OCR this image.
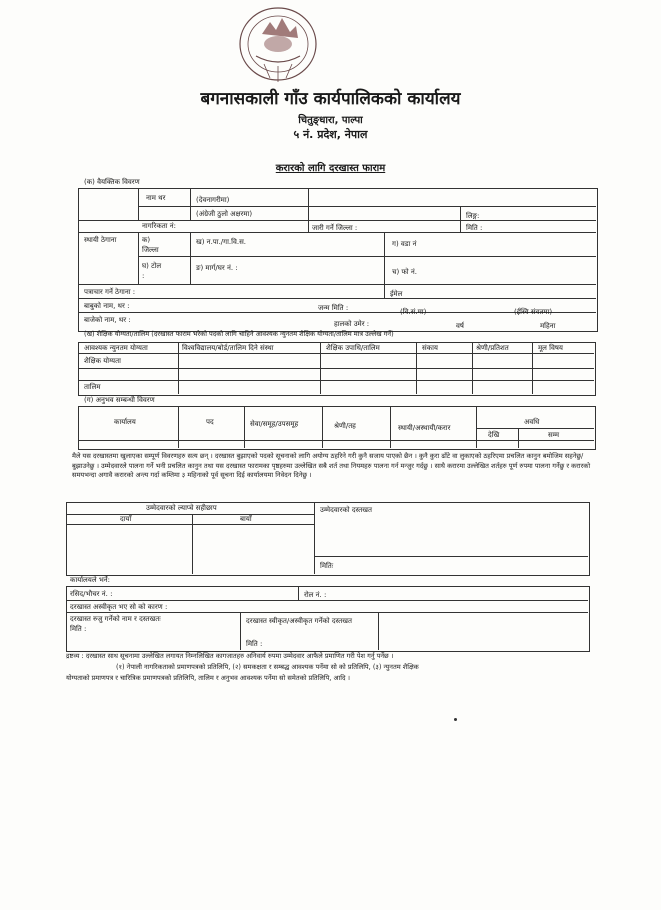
बगनासकाली गाँउ कार्यपालिकको कार्यालय
चितुङ्धारा, पाल्पा
५ नं. प्रदेश, नेपाल
करारको लागि दरखास्त फाराम
(क) वैयक्तिक विवरण
नाम थर	(देवनागरीमा)
(अंग्रेजी ठुलो अक्षरमा)	लिङ्ग:
नागरिकता नं:	जारी गर्ने जिल्ला :	मिति :
स्थायी ठेगाना	क)
जिल्ला
ख) न.पा./गा.वि.स.	ग) वडा नं
घ) टोल
:
ङ) मार्ग/घर नं. :	च) फो नं.
पत्राचार गर्ने ठेगाना :	ईमेल
बाबुको नाम, थर :	जन्म मिति :	(वि.सं.मा)	(ईस्वि संवतमा)
बाजेको नाम, थर :	हालको उमेर :	वर्ष	महिना
(ख) शैक्षिक योग्यता/तालिम (दरखास्त फाराम भरेको पदको लागि चाहिने आवश्यक न्युनतम शैक्षिक योग्यता/तालिम मात्र उल्लेख गर्ने)
आवश्यक न्युनतम योग्यता	विश्वविद्यालय/बोर्ड/तालिम दिने संस्था	शैक्षिक उपाधि/तालिम	संकाय	श्रेणी/प्रतिशत	मूल विषय
शैक्षिक योग्यता
तालिम
(ग) अनुभव सम्बन्धी विवरण
कार्यालय	पद	सेवा/समूह/उपसमूह	श्रेणी/तह	स्थायी/अस्थायी/करार
अवधि
देखि	सम्म
मैले यस दरखास्तमा खुलाएका सम्पूर्ण विवरणहरु सत्य छन् । दरखास्त बुझाएको पदको सूचनाको लागि अयोग्य ठहरिने गरी कुनै सजाय पाएको छैन । कुनै कुरा ढाँटे वा लुकाएको ठहरिएमा प्रचलित कानुन बमोजिम सहनेछु/बुझाउनेछु । उम्मेदवारले पालना गर्ने भनी प्रचलित कानुन तथा यस दरखास्त फारामका पृष्ठहरुमा उल्लेखित सबै शर्त तथा नियमहरु पालना गर्न मन्जुर गर्दछु । साथै करारमा उल्लेखित शर्तहरु पूर्ण रुपमा पालना गर्नेछु र करारको समयभन्दा अगावै करारको अन्त्य गर्दा कम्तिमा ३ महिनाको पूर्व सूचना दिई कार्यालयमा निवेदन दिनेछु ।
उम्मेदवारको ल्याप्चे सहीछाप
दायाँ	बायाँ
उम्मेदवारको दस्तखत
मितिः
कार्यालयले भर्ने:
रसिद/भौचर नं. :	रोल नं. :
दरखास्त अस्वीकृत भए सो को कारण :
दरखास्त रुजु गर्नेको नाम र दस्तखतः
मिति :
दरखास्त स्वीकृत/अस्वीकृत गर्नेको दस्तखत
मिति :
द्रष्टव्य : दरखास्त साथ सूचनामा उल्लेखित लगायत निम्नलिखित कागजातहरु अनिवार्य रुपमा उम्मेदवार आफैले प्रमाणित गरी पेश गर्नु पर्नेछ ।
(१) नेपाली नागरिकताको प्रमाणपत्रको प्रतिलिपि, (२) समकक्षता र सम्बद्ध आवश्यक पर्नेमा सो को प्रतिलिपि, (३) न्युनतम शैक्षिक
योग्यताको प्रमाणपत्र र चारित्रिक प्रमाणपत्रको प्रतिलिपि, तालिम र अनुभव आवश्यक पर्नेमा सो समेतको प्रतिलिपि, आदि ।
